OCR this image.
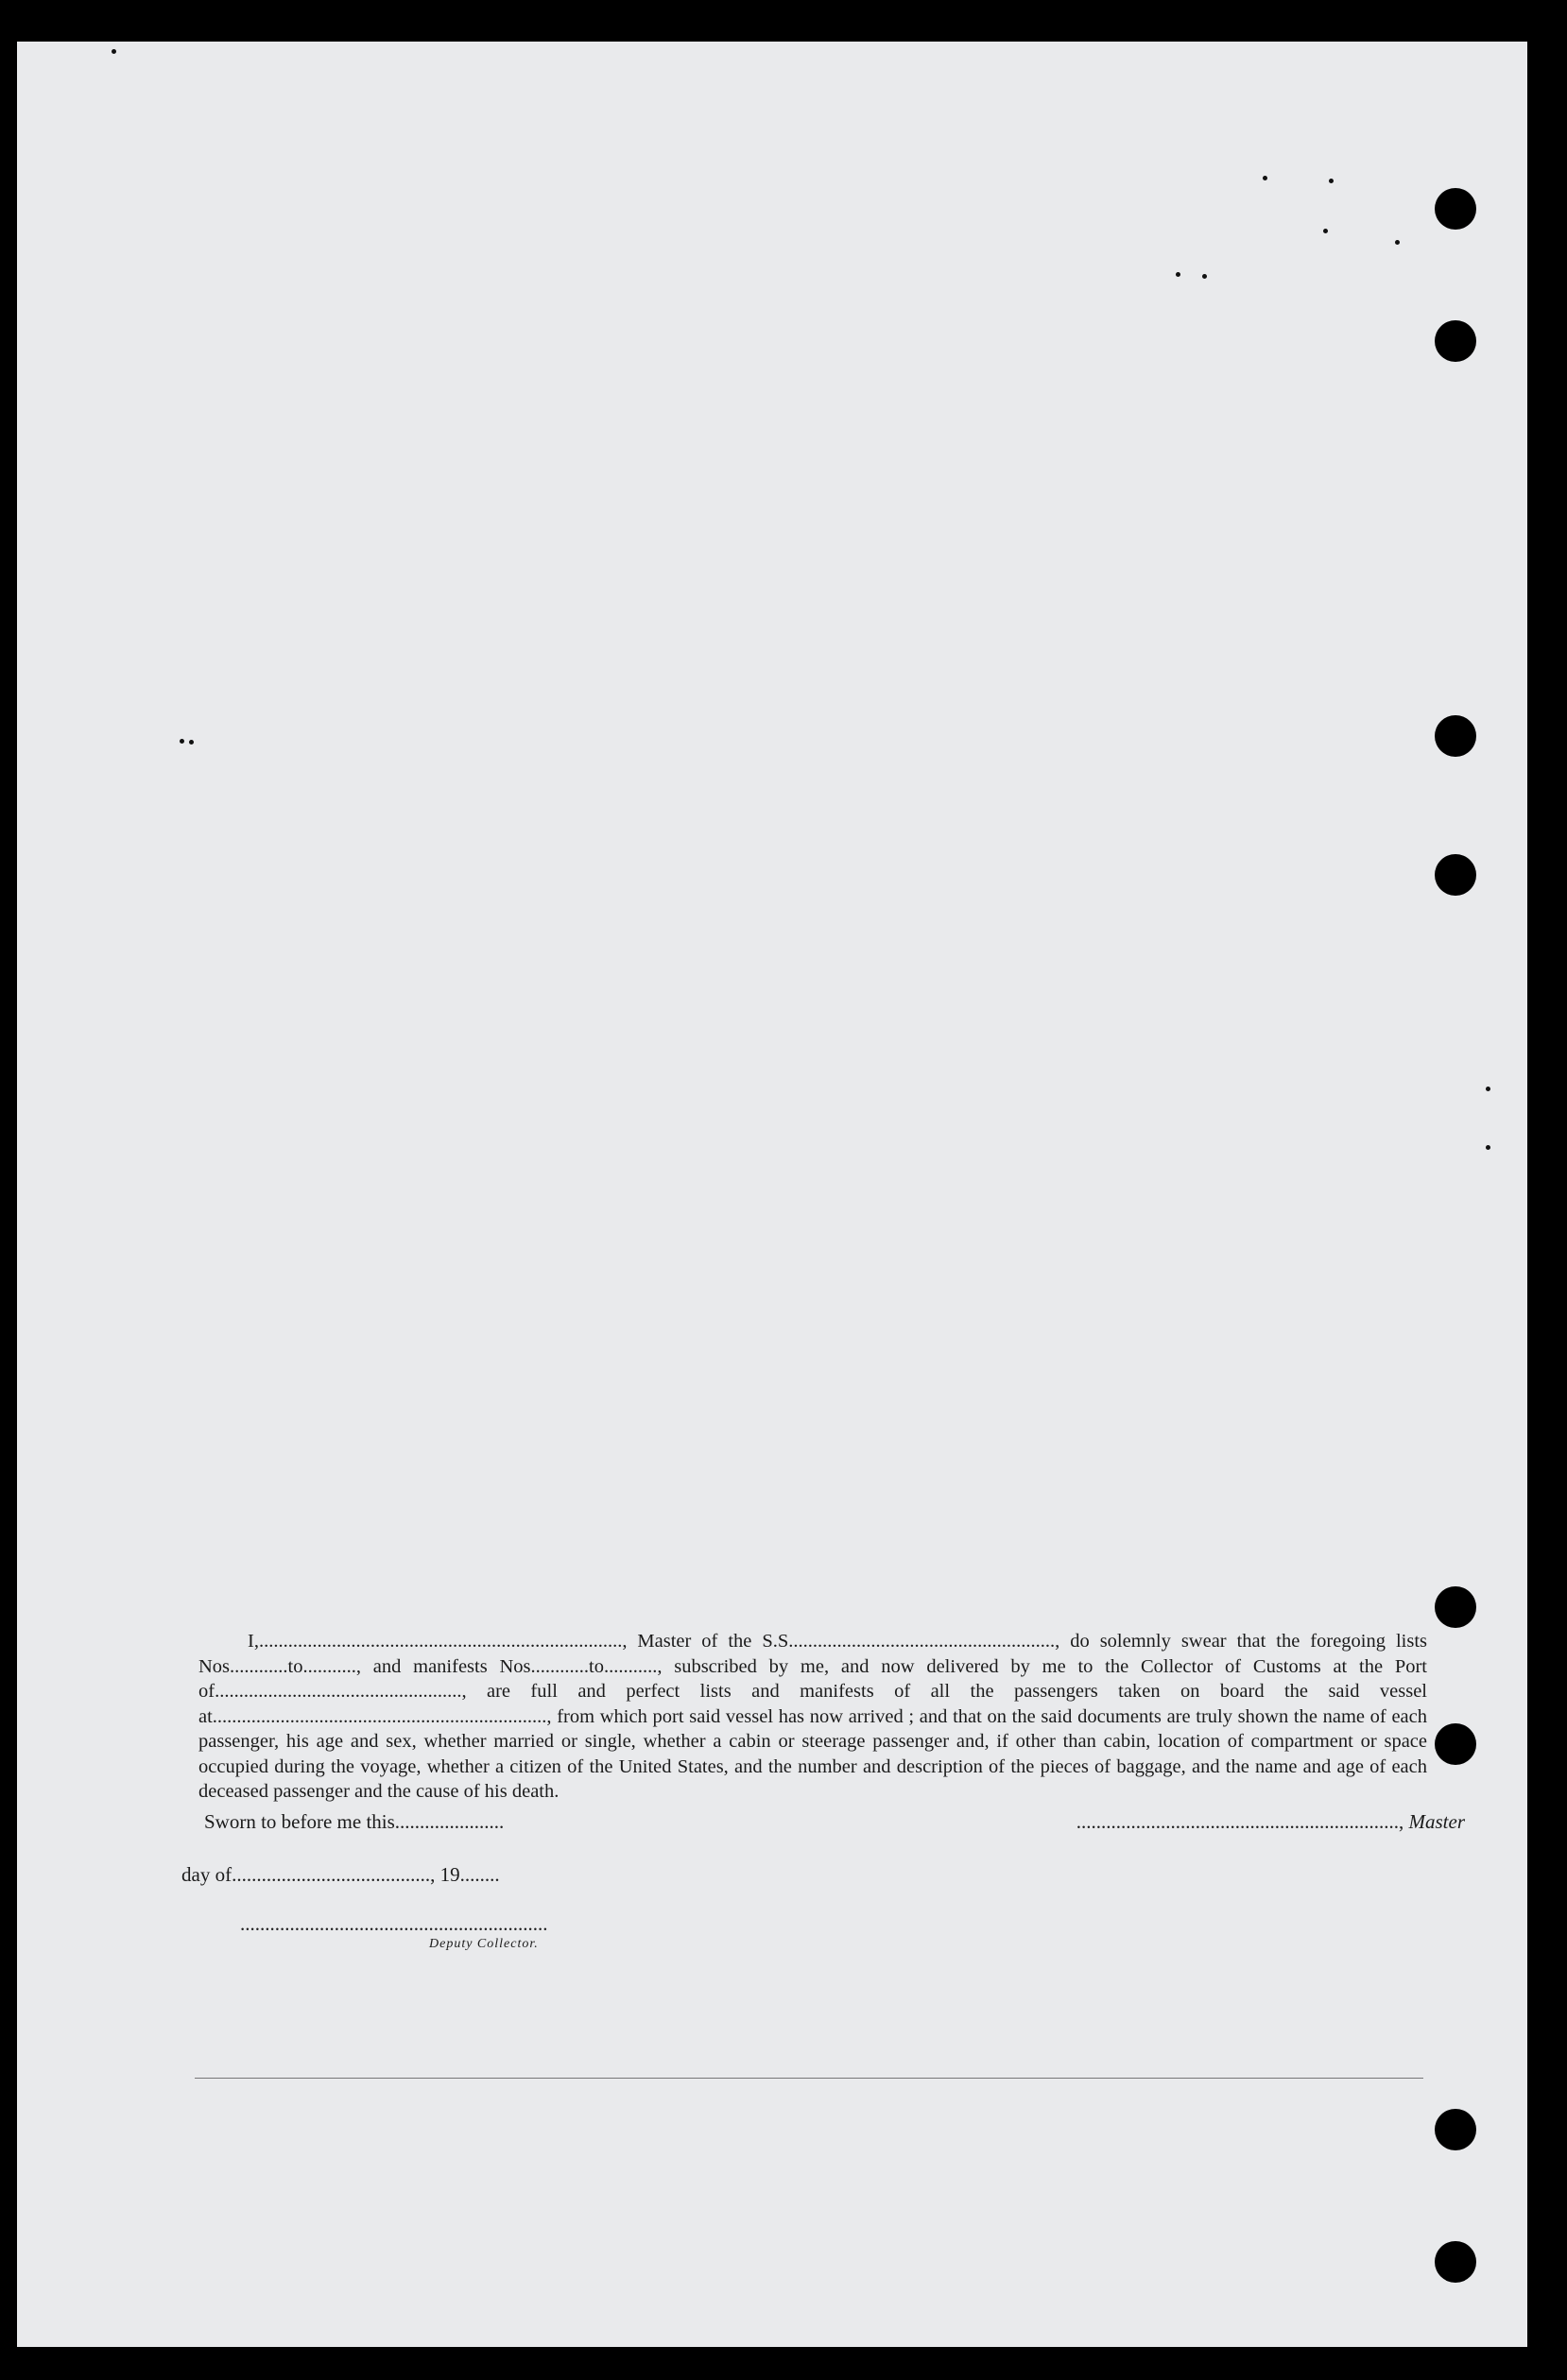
I,..........................................................................., Master of the S.S......................................................., do solemnly swear that the foregoing lists Nos............to..........., and manifests Nos............to..........., subscribed by me, and now delivered by me to the Collector of Customs at the Port of..................................................., are full and perfect lists and manifests of all the passengers taken on board the said vessel at....................................................................., from which port said vessel has now arrived ; and that on the said documents are truly shown the name of each passenger, his age and sex, whether married or single, whether a cabin or steerage passenger and, if other than cabin, location of compartment or space occupied during the voyage, whether a citizen of the United States, and the number and description of the pieces of baggage, and the name and age of each deceased passenger and the cause of his death.

Sworn to before me this......................	................................................................., Master
day of........................................, 19........
..............................................................
Deputy Collector.
